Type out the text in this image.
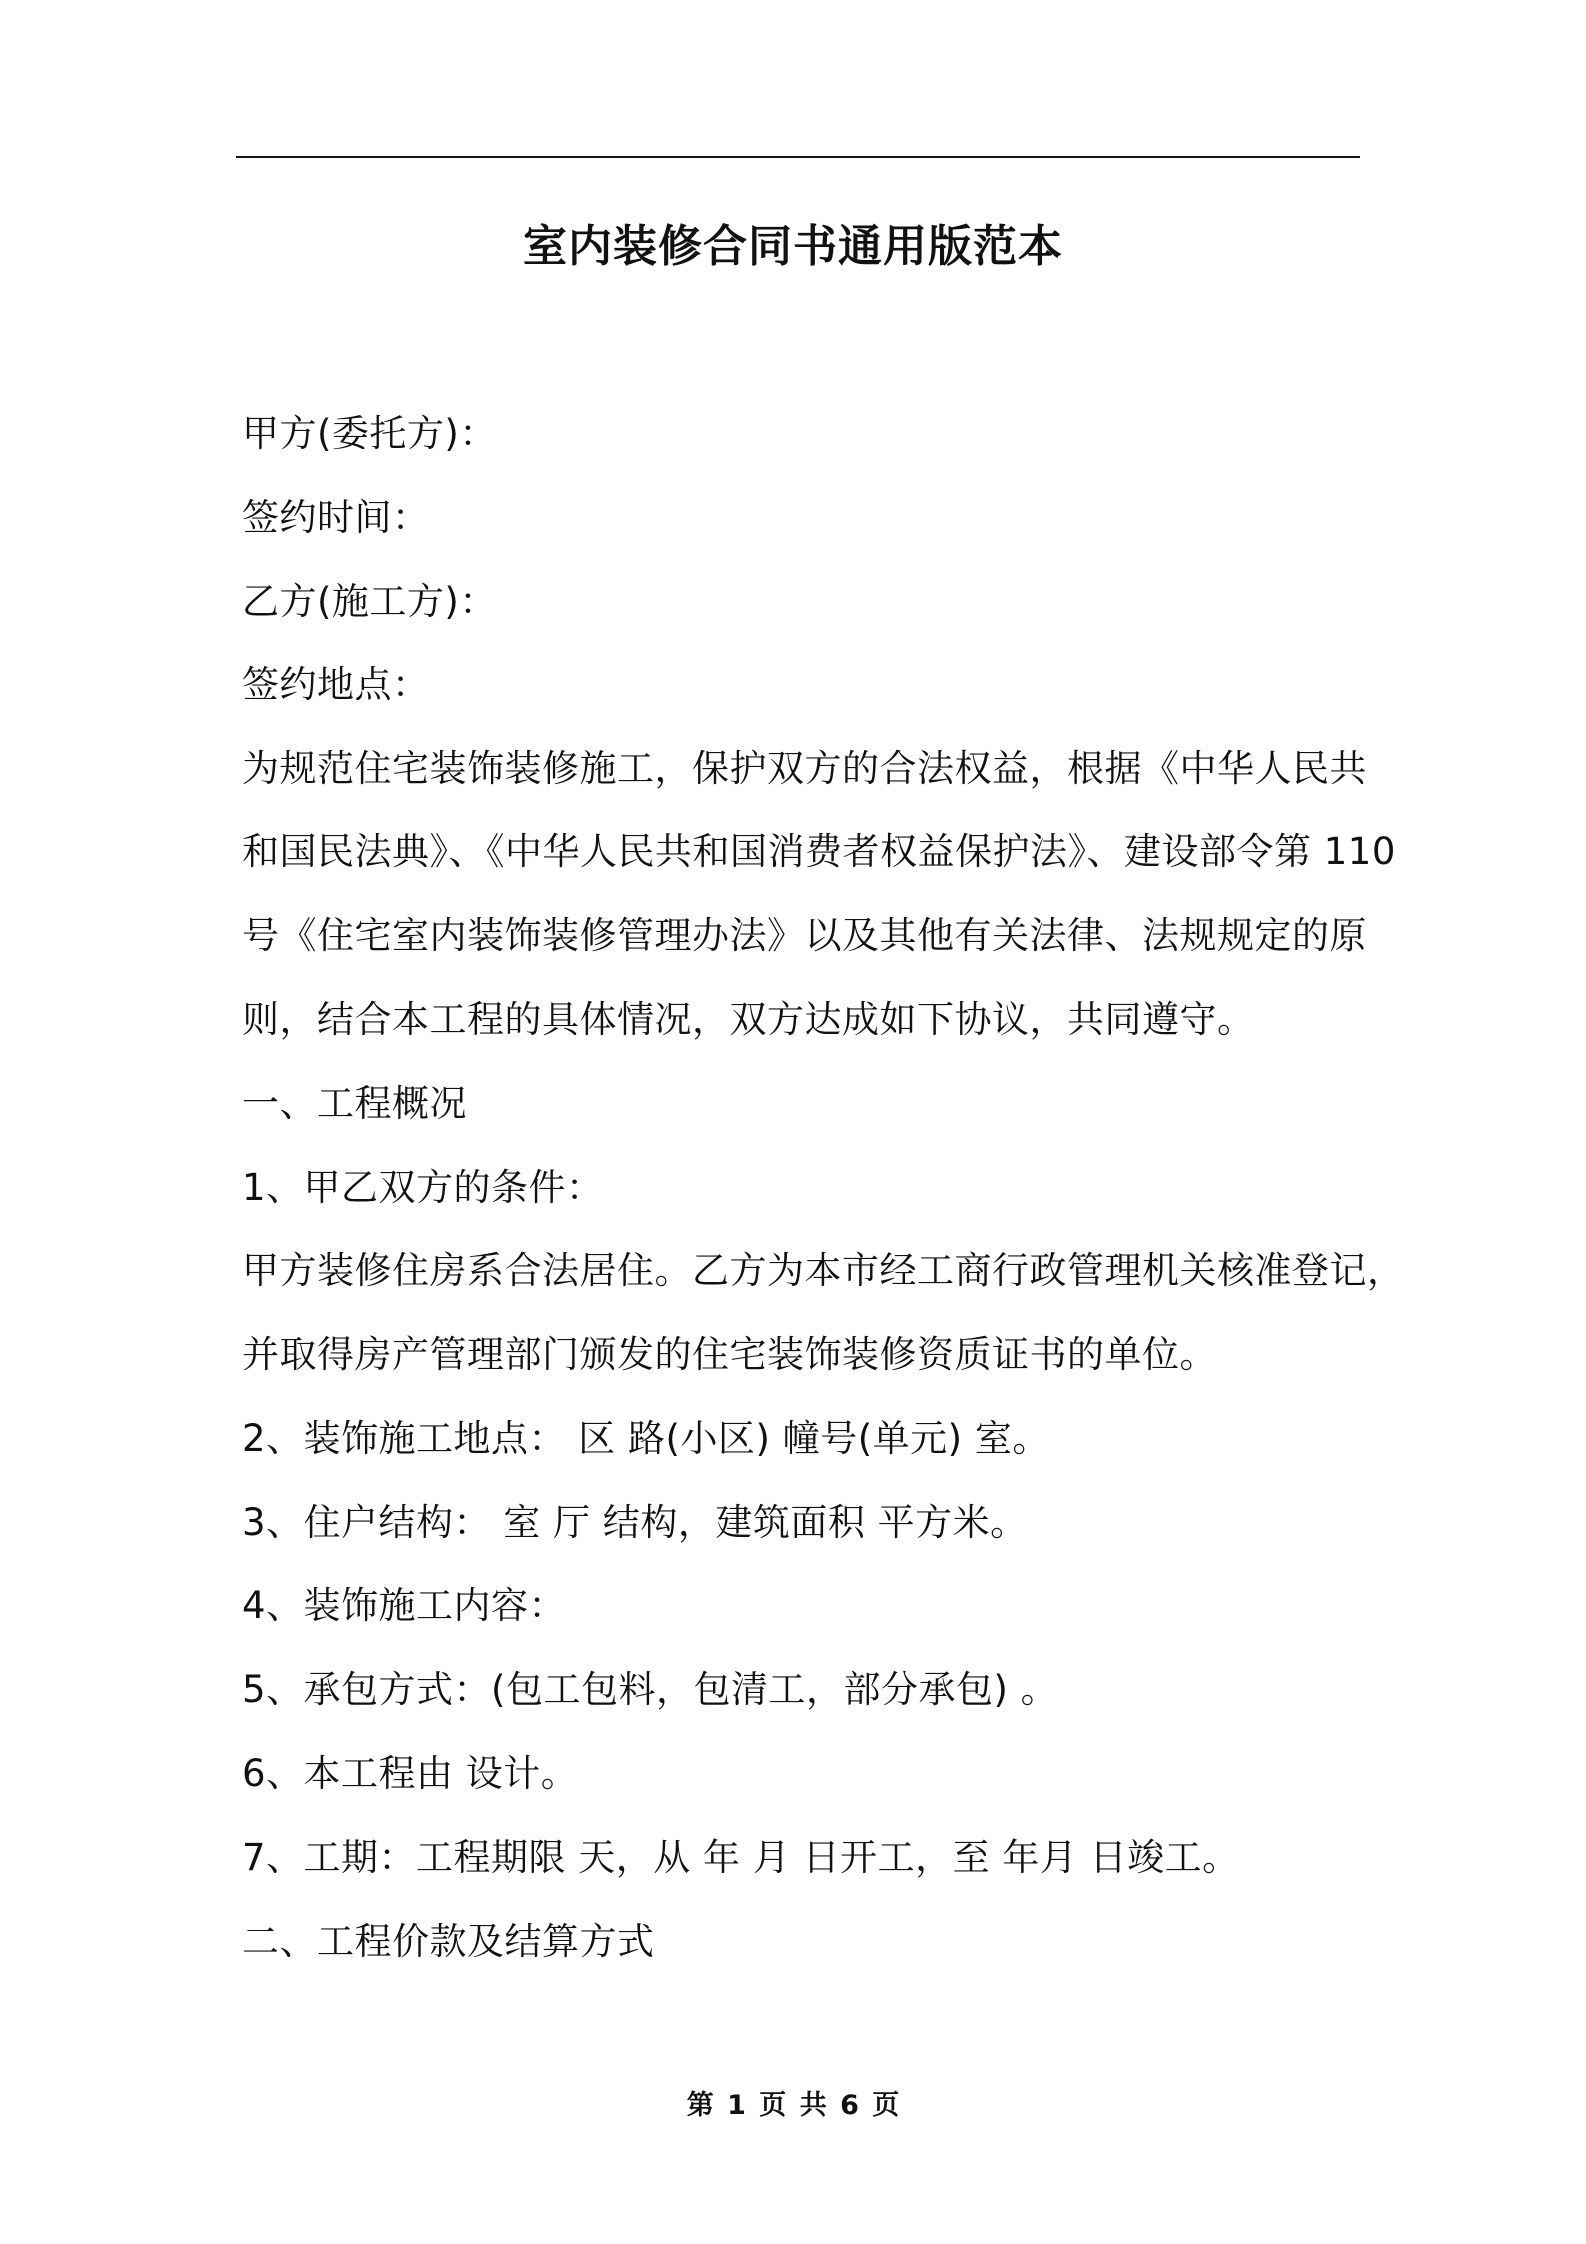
室内装修合同书通用版范本
甲方(委托方)：
签约时间：
乙方(施工方)：
签约地点：
为规范住宅装饰装修施工，保护双方的合法权益，根据《中华人民共
和国民法典》、《中华人民共和国消费者权益保护法》、建设部令第 110
号《住宅室内装饰装修管理办法》以及其他有关法律、法规规定的原
则，结合本工程的具体情况，双方达成如下协议，共同遵守。
一、工程概况
1、甲乙双方的条件：
甲方装修住房系合法居住。乙方为本市经工商行政管理机关核准登记，
并取得房产管理部门颁发的住宅装饰装修资质证书的单位。
2、装饰施工地点： 区 路(小区) 幢号(单元) 室。
3、住户结构： 室 厅 结构，建筑面积 平方米。
4、装饰施工内容：
5、承包方式：(包工包料，包清工，部分承包) 。
6、本工程由 设计。
7、工期：工程期限 天，从 年 月 日开工，至 年月 日竣工。
二、工程价款及结算方式
第 1 页 共 6 页
